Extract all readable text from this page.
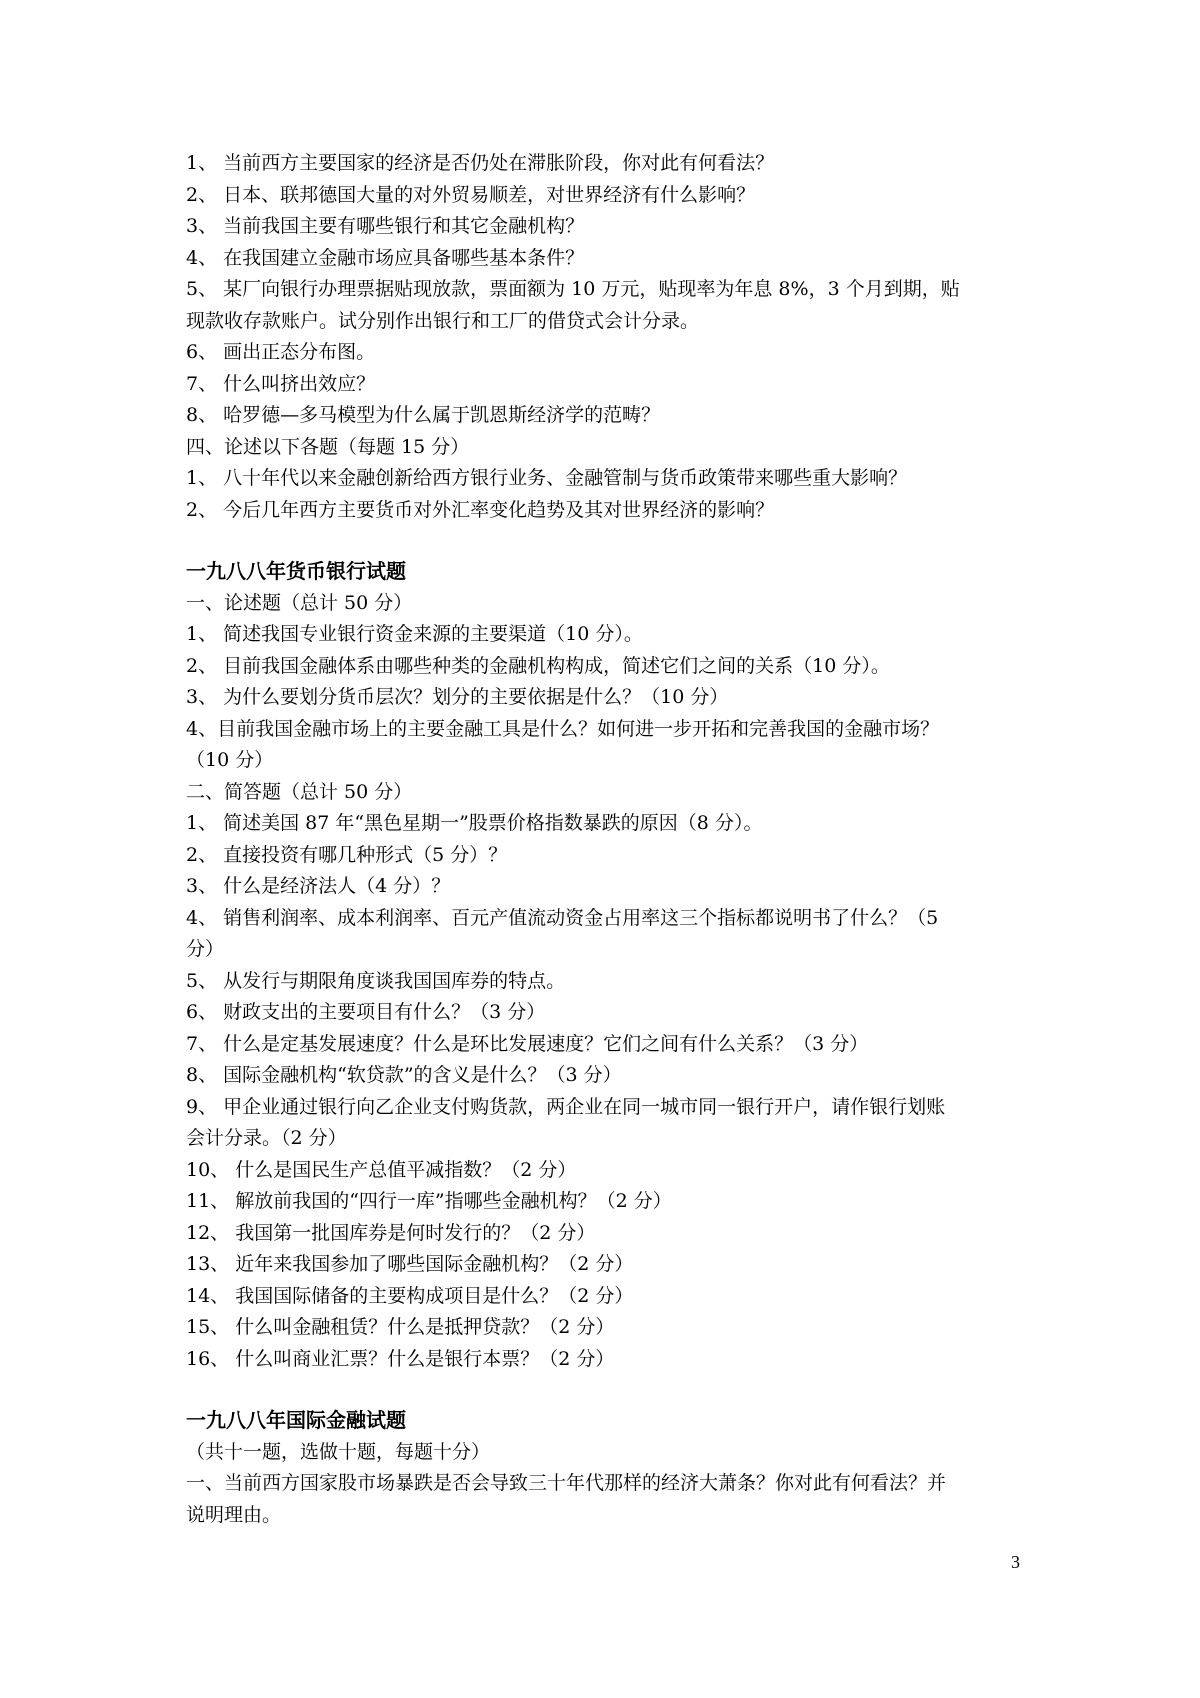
1、 当前西方主要国家的经济是否仍处在滞胀阶段，你对此有何看法？
2、 日本、联邦德国大量的对外贸易顺差，对世界经济有什么影响？
3、 当前我国主要有哪些银行和其它金融机构？
4、 在我国建立金融市场应具备哪些基本条件？
5、 某厂向银行办理票据贴现放款，票面额为 10 万元，贴现率为年息 8%，3 个月到期，贴
现款收存款账户。试分别作出银行和工厂的借贷式会计分录。
6、 画出正态分布图。
7、 什么叫挤出效应？
8、 哈罗德—多马模型为什么属于凯恩斯经济学的范畴？
四、论述以下各题（每题 15 分）
1、 八十年代以来金融创新给西方银行业务、金融管制与货币政策带来哪些重大影响？
2、 今后几年西方主要货币对外汇率变化趋势及其对世界经济的影响？
一九八八年货币银行试题
一、论述题（总计 50 分）
1、 简述我国专业银行资金来源的主要渠道（10 分）。
2、 目前我国金融体系由哪些种类的金融机构构成，简述它们之间的关系（10 分）。
3、 为什么要划分货币层次？划分的主要依据是什么？（10 分）
4、目前我国金融市场上的主要金融工具是什么？如何进一步开拓和完善我国的金融市场？
（10 分）
二、简答题（总计 50 分）
1、 简述美国 87 年“黑色星期一”股票价格指数暴跌的原因（8 分）。
2、 直接投资有哪几种形式（5 分）？
3、 什么是经济法人（4 分）？
4、 销售利润率、成本利润率、百元产值流动资金占用率这三个指标都说明书了什么？（5
分）
5、 从发行与期限角度谈我国国库券的特点。
6、 财政支出的主要项目有什么？（3 分）
7、 什么是定基发展速度？什么是环比发展速度？它们之间有什么关系？（3 分）
8、 国际金融机构“软贷款”的含义是什么？（3 分）
9、 甲企业通过银行向乙企业支付购货款，两企业在同一城市同一银行开户，请作银行划账
会计分录。（2 分）
10、 什么是国民生产总值平减指数？（2 分）
11、 解放前我国的“四行一库”指哪些金融机构？（2 分）
12、 我国第一批国库券是何时发行的？（2 分）
13、 近年来我国参加了哪些国际金融机构？（2 分）
14、 我国国际储备的主要构成项目是什么？（2 分）
15、 什么叫金融租赁？什么是抵押贷款？（2 分）
16、 什么叫商业汇票？什么是银行本票？（2 分）
一九八八年国际金融试题
（共十一题，选做十题，每题十分）
一、当前西方国家股市场暴跌是否会导致三十年代那样的经济大萧条？你对此有何看法？并
说明理由。
3
